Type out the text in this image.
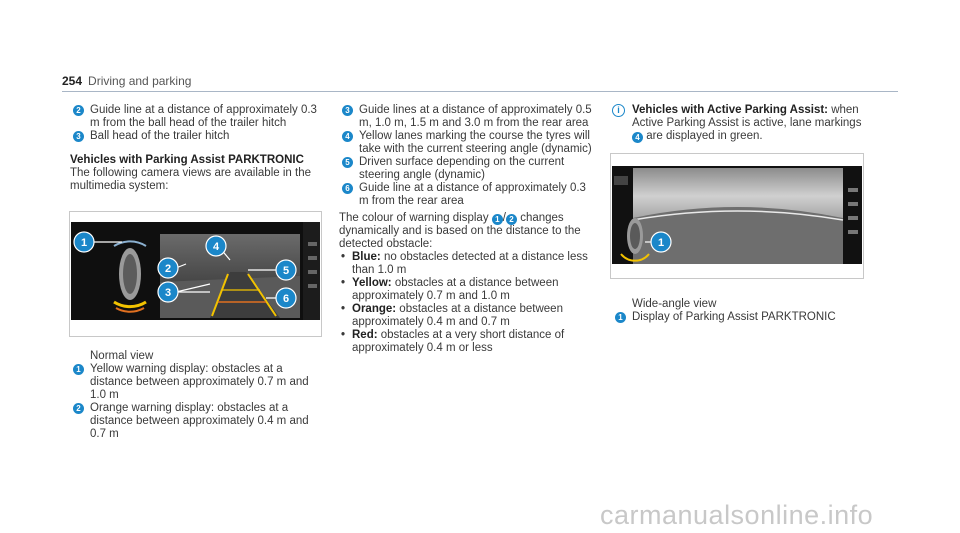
254 Driving and parking
2 Guide line at a distance of approximately 0.3 m from the ball head of the trailer hitch
3 Ball head of the trailer hitch
Vehicles with Parking Assist PARKTRONIC
The following camera views are available in the multimedia system:
1
2
3
4
5
6
Normal view
1 Yellow warning display: obstacles at a distance between approximately 0.7 m and 1.0 m
2 Orange warning display: obstacles at a distance between approximately 0.4 m and 0.7 m
3 Guide lines at a distance of approximately 0.5 m, 1.0 m, 1.5 m and 3.0 m from the rear area
4 Yellow lanes marking the course the tyres will take with the current steering angle (dynamic)
5 Driven surface depending on the current steering angle (dynamic)
6 Guide line at a distance of approximately 0.3 m from the rear area
The colour of warning display 1 / 2 changes dynamically and is based on the distance to the detected obstacle:
• Blue: no obstacles detected at a distance less than 1.0 m
• Yellow: obstacles at a distance between approximately 0.7 m and 1.0 m
• Orange: obstacles at a distance between approximately 0.4 m and 0.7 m
• Red: obstacles at a very short distance of approximately 0.4 m or less
i	Vehicles with Active Parking Assist: when Active Parking Assist is active, lane markings 4 are displayed in green.
1
Wide-angle view
1 Display of Parking Assist PARKTRONIC
carmanualsonline.info
